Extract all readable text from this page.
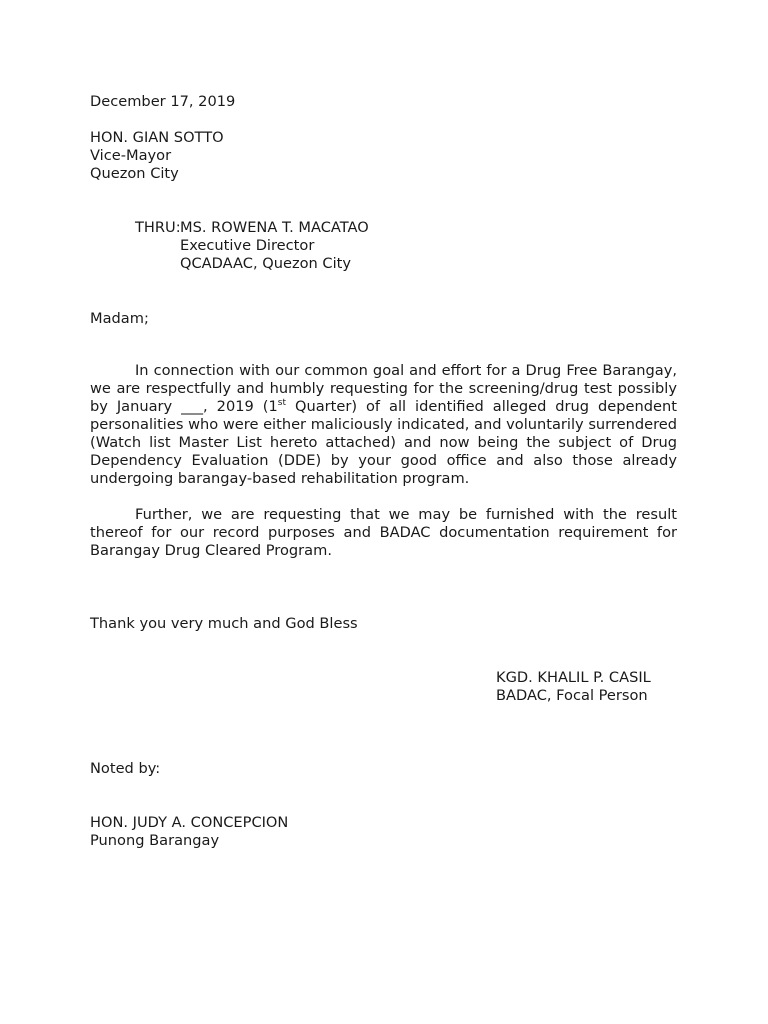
December 17, 2019
HON. GIAN SOTTO
Vice-Mayor
Quezon City
THRU: MS. ROWENA T. MACATAO
Executive Director
QCADAAC, Quezon City
Madam;
In connection with our common goal and effort for a Drug Free Barangay, we are respectfully and humbly requesting for the screening/drug test possibly by January ___, 2019 (1st Quarter) of all identified alleged drug dependent personalities who were either maliciously indicated, and voluntarily surrendered (Watch list Master List hereto attached) and now being the subject of Drug Dependency Evaluation (DDE) by your good office and also those already undergoing barangay-based rehabilitation program.
Further, we are requesting that we may be furnished with the result thereof for our record purposes and BADAC documentation requirement for Barangay Drug Cleared Program.
Thank you very much and God Bless
KGD. KHALIL P. CASIL
BADAC, Focal Person
Noted by:
HON. JUDY A. CONCEPCION
Punong Barangay
